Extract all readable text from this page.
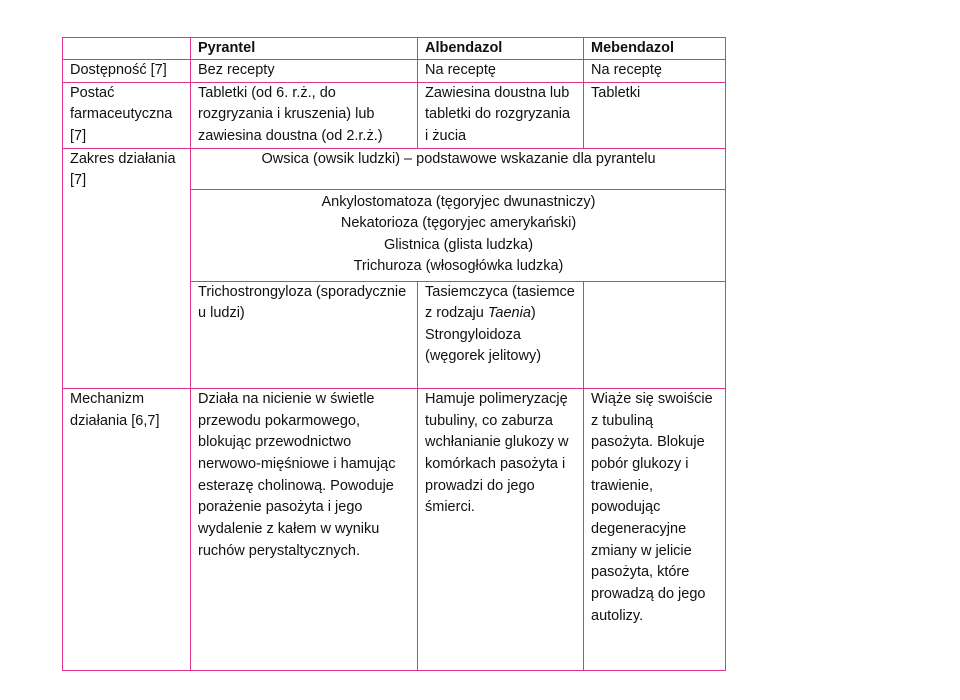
	Pyrantel	Albendazol	Mebendazol
Dostępność [7]	Bez recepty	Na receptę	Na receptę
Postać farmaceutyczna [7]	Tabletki (od 6. r.ż., do rozgryzania i kruszenia) lub zawiesina doustna (od 2.r.ż.)	Zawiesina doustna lub tabletki do rozgryzania i żucia	Tabletki
Zakres działania [7]	Owsica (owsik ludzki) – podstawowe wskazanie dla pyrantelu		

	Ankylostomatoza (tęgoryjec dwunastniczy)
Nekatorioza (tęgoryjec amerykański)
Glistnica (glista ludzka)
Trichuroza (włosogłówka ludzka)		

	Trichostrongyloza (sporadycznie u ludzi)	Tasiemczyca (tasiemce z rodzaju Taenia)
Strongyloidoza (węgorek jelitowy)	

Mechanizm działania [6,7]	Działa na nicienie w świetle przewodu pokarmowego, blokując przewodnictwo nerwowo-mięśniowe i hamując esterazę cholinową. Powoduje porażenie pasożyta i jego wydalenie z kałem w wyniku ruchów perystaltycznych.	Hamuje polimeryzację tubuliny, co zaburza wchłanianie glukozy w komórkach pasożyta i prowadzi do jego śmierci.	Wiąże się swoiście z tubuliną pasożyta. Blokuje pobór glukozy i trawienie, powodując degeneracyjne zmiany w jelicie pasożyta, które prowadzą do jego autolizy.
